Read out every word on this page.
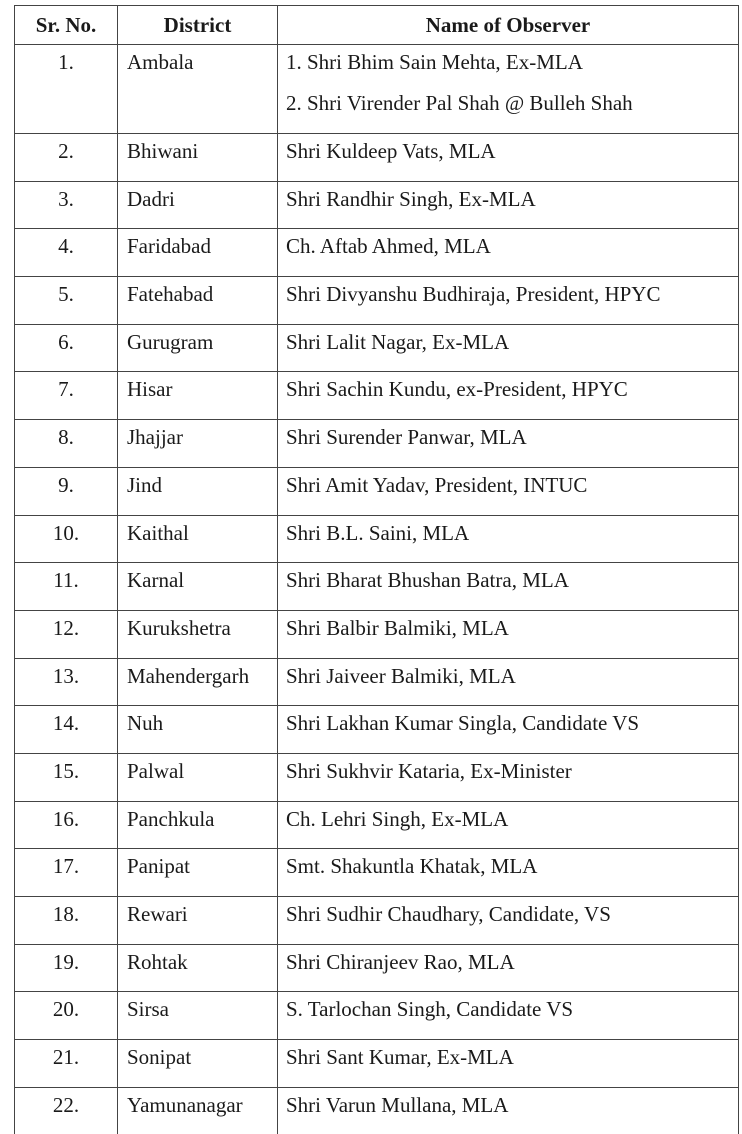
Sr. No.	District	Name of Observer
1.	Ambala	1. Shri Bhim Sain Mehta, Ex-MLA
2. Shri Virender Pal Shah @ Bulleh Shah

2.	Bhiwani	Shri Kuldeep Vats, MLA

3.	Dadri	Shri Randhir Singh, Ex-MLA

4.	Faridabad	Ch. Aftab Ahmed, MLA

5.	Fatehabad	Shri Divyanshu Budhiraja, President, HPYC

6.	Gurugram	Shri Lalit Nagar, Ex-MLA

7.	Hisar	Shri Sachin Kundu, ex-President, HPYC

8.	Jhajjar	Shri Surender Panwar, MLA

9.	Jind	Shri Amit Yadav, President, INTUC

10.	Kaithal	Shri B.L. Saini, MLA

11.	Karnal	Shri Bharat Bhushan Batra, MLA

12.	Kurukshetra	Shri Balbir Balmiki, MLA

13.	Mahendergarh	Shri Jaiveer Balmiki, MLA

14.	Nuh	Shri Lakhan Kumar Singla, Candidate VS

15.	Palwal	Shri Sukhvir Kataria, Ex-Minister

16.	Panchkula	Ch. Lehri Singh, Ex-MLA

17.	Panipat	Smt. Shakuntla Khatak, MLA

18.	Rewari	Shri Sudhir Chaudhary, Candidate, VS

19.	Rohtak	Shri Chiranjeev Rao, MLA

20.	Sirsa	S. Tarlochan Singh, Candidate VS

21.	Sonipat	Shri Sant Kumar, Ex-MLA

22.	Yamunanagar	Shri Varun Mullana, MLA
